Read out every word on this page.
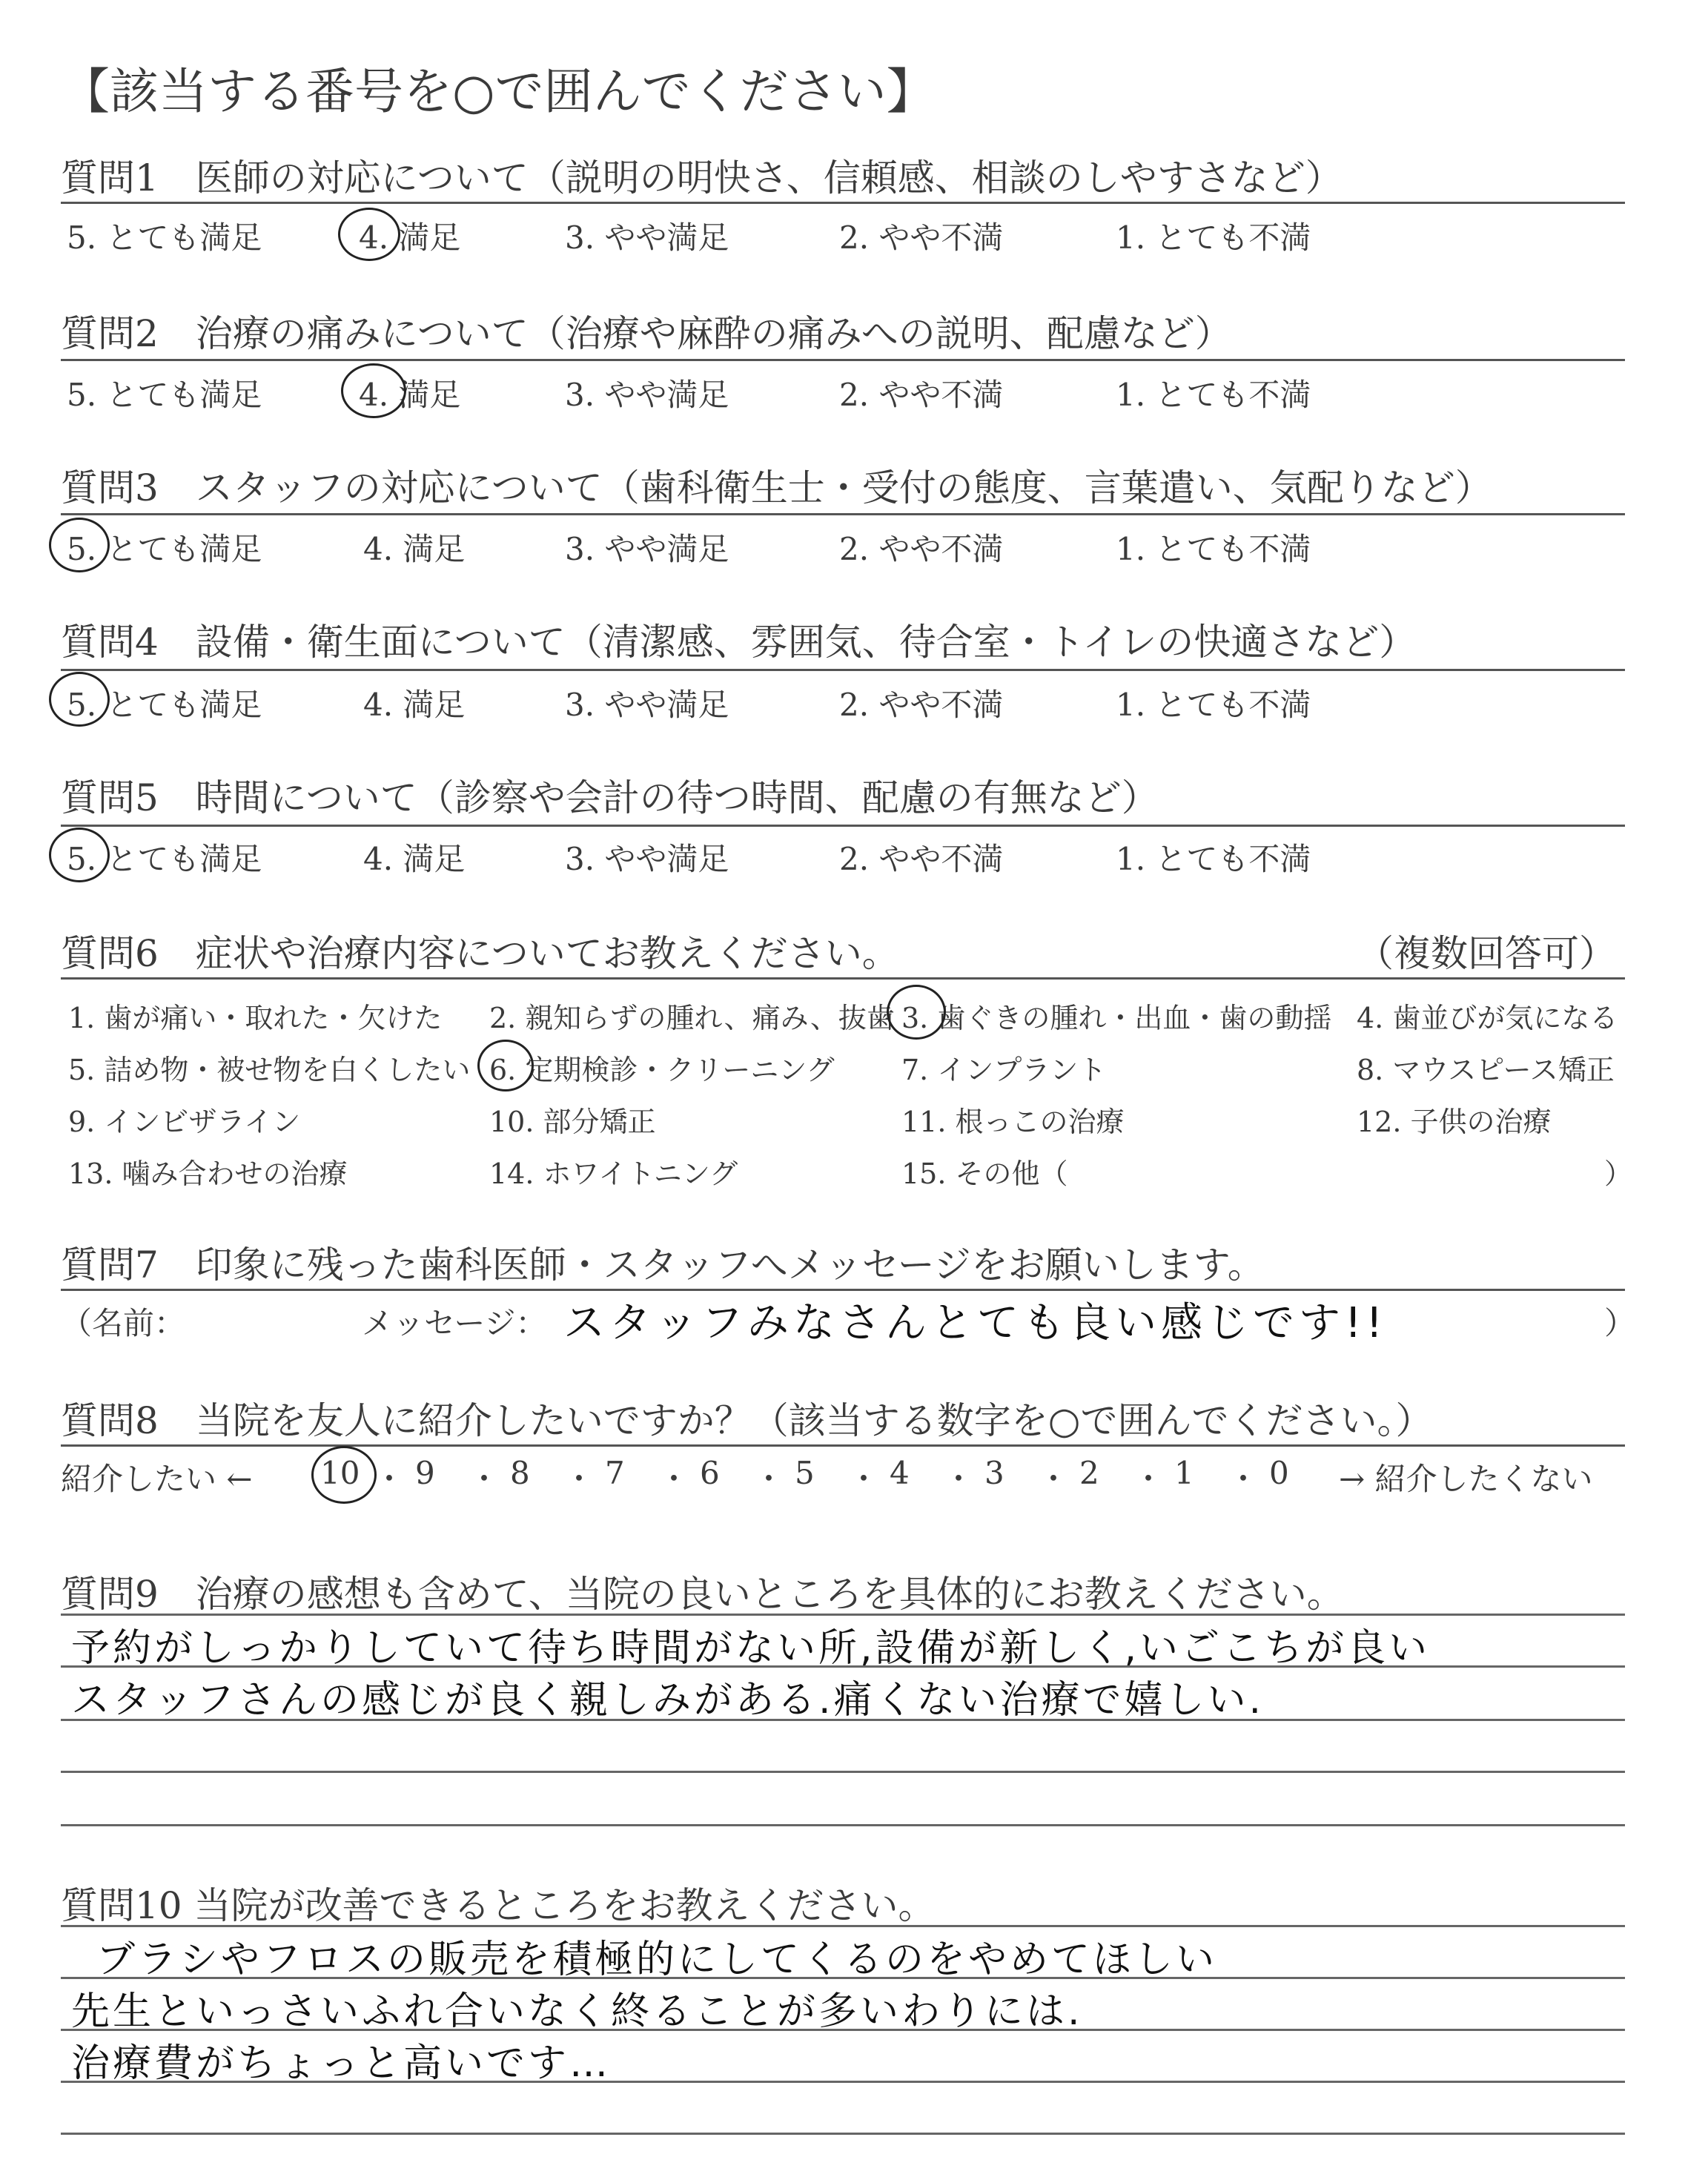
【該当する番号を○で囲んでください】
質問1　医師の対応について（説明の明快さ、信頼感、相談のしやすさなど）
5. とても満足	4. 満足	3. やや満足	2. やや不満	1. とても不満
質問2　治療の痛みについて（治療や麻酔の痛みへの説明、配慮など）
5. とても満足	4. 満足	3. やや満足	2. やや不満	1. とても不満
質問3　スタッフの対応について（歯科衛生士・受付の態度、言葉遣い、気配りなど）
5. とても満足	4. 満足	3. やや満足	2. やや不満	1. とても不満
質問4　設備・衛生面について（清潔感、雰囲気、待合室・トイレの快適さなど）
5. とても満足	4. 満足	3. やや満足	2. やや不満	1. とても不満
質問5　時間について（診察や会計の待つ時間、配慮の有無など）
5. とても満足	4. 満足	3. やや満足	2. やや不満	1. とても不満
質問6　症状や治療内容についてお教えください。	（複数回答可）
1. 歯が痛い・取れた・欠けた 2. 親知らずの腫れ、痛み、抜歯 3. 歯ぐきの腫れ・出血・歯の動揺 4. 歯並びが気になる
5. 詰め物・被せ物を白くしたい 6. 定期検診・クリーニング 7. インプラント	8. マウスピース矯正
9. インビザライン	10. 部分矯正	11. 根っこの治療	12. 子供の治療
13. 噛み合わせの治療	14. ホワイトニング	15. その他（	）
質問7　印象に残った歯科医師・スタッフへメッセージをお願いします。
（名前：	メッセージ： スタッフみなさんとても良い感じです!!	）
質問8　当院を友人に紹介したいですか？（該当する数字を○で囲んでください。）
紹介したい ← 10 ・ 9 ・ 8 ・ 7 ・ 6 ・ 5 ・ 4 ・ 3 ・ 2 ・ 1 ・ 0 → 紹介したくない
質問9　治療の感想も含めて、当院の良いところを具体的にお教えください。
予約がしっかりしていて待ち時間がない所,設備が新しく,いごこちが良い
スタッフさんの感じが良く親しみがある.痛くない治療で嬉しい.
質問10 当院が改善できるところをお教えください。
ブラシやフロスの販売を積極的にしてくるのをやめてほしい
先生といっさいふれ合いなく終ることが多いわりには.
治療費がちょっと高いです…
